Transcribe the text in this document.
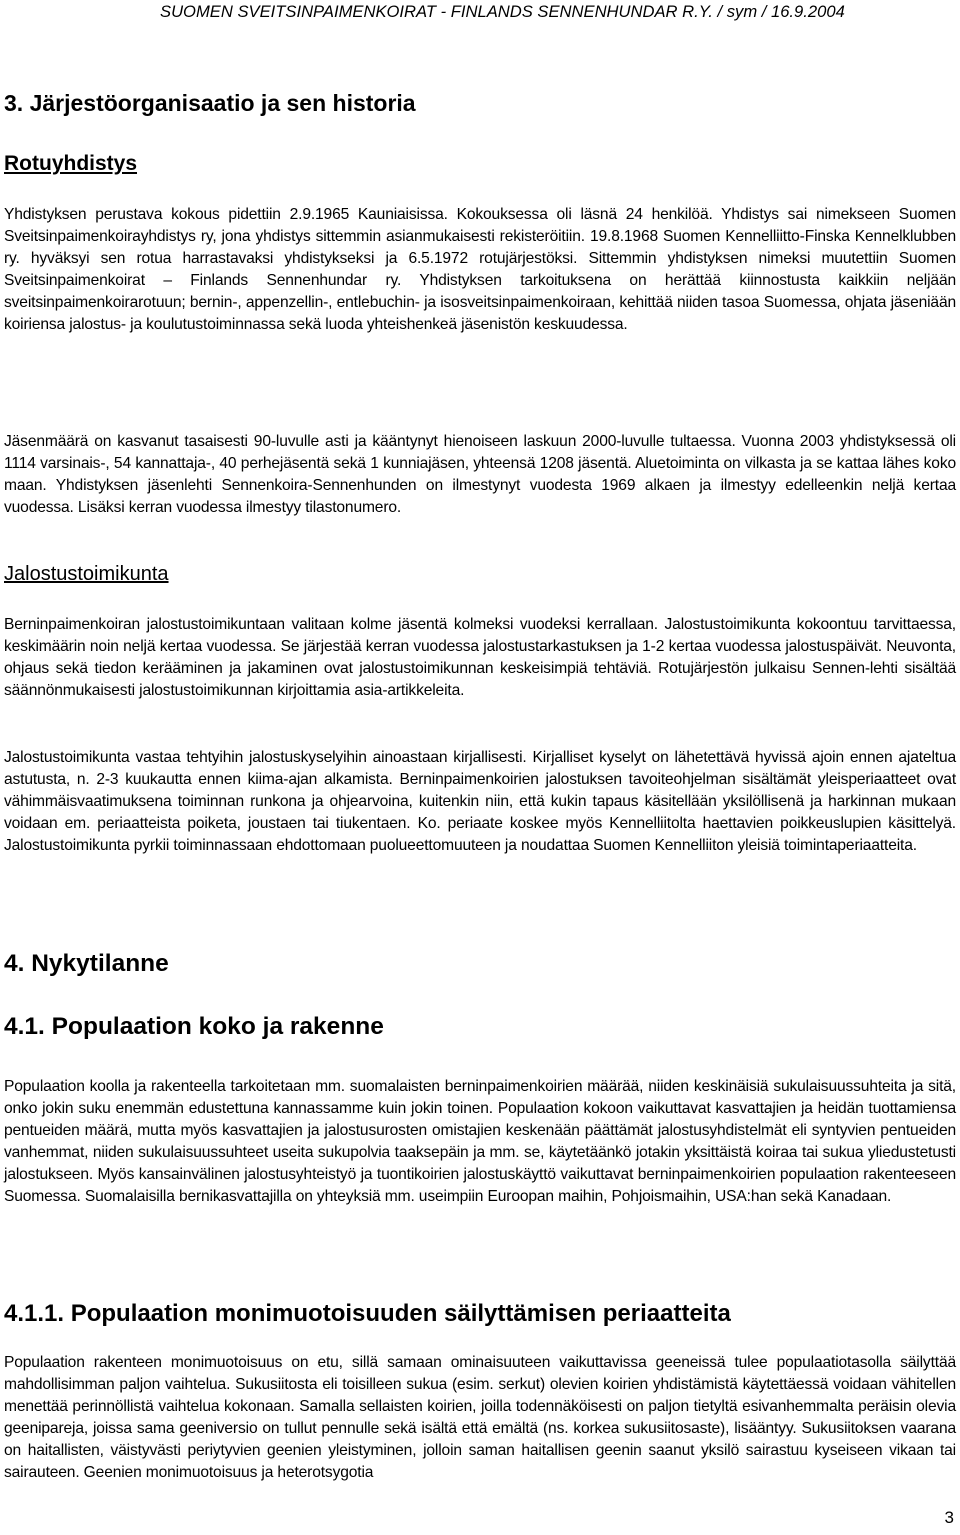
SUOMEN SVEITSINPAIMENKOIRAT - FINLANDS SENNENHUNDAR R.Y. / sym / 16.9.2004
3. Järjestöorganisaatio ja sen historia
Rotuyhdistys

Yhdistyksen perustava kokous pidettiin 2.9.1965 Kauniaisissa. Kokouksessa oli läsnä 24 henkilöä. Yhdistys sai nimekseen Suomen Sveitsinpaimenkoirayhdistys ry, jona yhdistys sittemmin asianmukaisesti rekisteröitiin. 19.8.1968 Suomen Kennelliitto-Finska Kennelklubben ry. hyväksyi sen rotua harrastavaksi yhdistykseksi ja 6.5.1972 rotujärjestöksi. Sittemmin yhdistyksen nimeksi muutettiin Suomen Sveitsinpaimenkoirat – Finlands Sennenhundar ry. Yhdistyksen tarkoituksena on herättää kiinnostusta kaikkiin neljään sveitsinpaimenkoirarotuun; bernin-, appenzellin-, entlebuchin- ja isosveitsinpaimenkoiraan, kehittää niiden tasoa Suomessa, ohjata jäseniään koiriensa jalostus- ja koulutustoiminnassa sekä luoda yhteishenkeä jäsenistön keskuudessa.

Jäsenmäärä on kasvanut tasaisesti 90-luvulle asti ja kääntynyt hienoiseen laskuun 2000-luvulle tultaessa. Vuonna 2003 yhdistyksessä oli 1114 varsinais-, 54 kannattaja-, 40 perhejäsentä sekä 1 kunniajäsen, yhteensä 1208 jäsentä. Aluetoiminta on vilkasta ja se kattaa lähes koko maan. Yhdistyksen jäsenlehti Sennenkoira-Sennenhunden on ilmestynyt vuodesta 1969 alkaen ja ilmestyy edelleenkin neljä kertaa vuodessa. Lisäksi kerran vuodessa ilmestyy tilastonumero.

Jalostustoimikunta

Berninpaimenkoiran jalostustoimikuntaan valitaan kolme jäsentä kolmeksi vuodeksi kerrallaan. Jalostustoimikunta kokoontuu tarvittaessa, keskimäärin noin neljä kertaa vuodessa. Se järjestää kerran vuodessa jalostustarkastuksen ja 1-2 kertaa vuodessa jalostuspäivät. Neuvonta, ohjaus sekä tiedon kerääminen ja jakaminen ovat jalostustoimikunnan keskeisimpiä tehtäviä. Rotujärjestön julkaisu Sennen-lehti sisältää säännönmukaisesti jalostustoimikunnan kirjoittamia asia-artikkeleita.

Jalostustoimikunta vastaa tehtyihin jalostuskyselyihin ainoastaan kirjallisesti. Kirjalliset kyselyt on lähetettävä hyvissä ajoin ennen ajateltua astutusta, n. 2-3 kuukautta ennen kiima-ajan alkamista. Berninpaimenkoirien jalostuksen tavoiteohjelman sisältämät yleisperiaatteet ovat vähimmäisvaatimuksena toiminnan runkona ja ohjearvoina, kuitenkin niin, että kukin tapaus käsitellään yksilöllisenä ja harkinnan mukaan voidaan em. periaatteista poiketa, joustaen tai tiukentaen. Ko. periaate koskee myös Kennelliitolta haettavien poikkeuslupien käsittelyä. Jalostustoimikunta pyrkii toiminnassaan ehdottomaan puolueettomuuteen ja noudattaa Suomen Kennelliiton yleisiä toimintaperiaatteita.

4. Nykytilanne
4.1. Populaation koko ja rakenne

Populaation koolla ja rakenteella tarkoitetaan mm. suomalaisten berninpaimenkoirien määrää, niiden keskinäisiä sukulaisuussuhteita ja sitä, onko jokin suku enemmän edustettuna kannassamme kuin jokin toinen. Populaation kokoon vaikuttavat kasvattajien ja heidän tuottamiensa pentueiden määrä, mutta myös kasvattajien ja jalostusurosten omistajien keskenään päättämät jalostusyhdistelmät eli syntyvien pentueiden vanhemmat, niiden sukulaisuussuhteet useita sukupolvia taaksepäin ja mm. se, käytetäänkö jotakin yksittäistä koiraa tai sukua yliedustetusti jalostukseen. Myös kansainvälinen jalostusyhteistyö ja tuontikoirien jalostuskäyttö vaikuttavat berninpaimenkoirien populaation rakenteeseen Suomessa. Suomalaisilla bernikasvattajilla on yhteyksiä mm. useimpiin Euroopan maihin, Pohjoismaihin, USA:han sekä Kanadaan.

4.1.1. Populaation monimuotoisuuden säilyttämisen periaatteita

Populaation rakenteen monimuotoisuus on etu, sillä samaan ominaisuuteen vaikuttavissa geeneissä tulee populaatiotasolla säilyttää mahdollisimman paljon vaihtelua. Sukusiitosta eli toisilleen sukua (esim. serkut) olevien koirien yhdistämistä käytettäessä voidaan vähitellen menettää perinnöllistä vaihtelua kokonaan. Samalla sellaisten koirien, joilla todennäköisesti on paljon tietyltä esivanhemmalta peräisin olevia geenipareja, joissa sama geeniversio on tullut pennulle sekä isältä että emältä (ns. korkea sukusiitosaste), lisääntyy. Sukusiitoksen vaarana on haitallisten, väistyvästi periytyvien geenien yleistyminen, jolloin saman haitallisen geenin saanut yksilö sairastuu kyseiseen vikaan tai sairauteen. Geenien monimuotoisuus ja heterotsygotia

3
